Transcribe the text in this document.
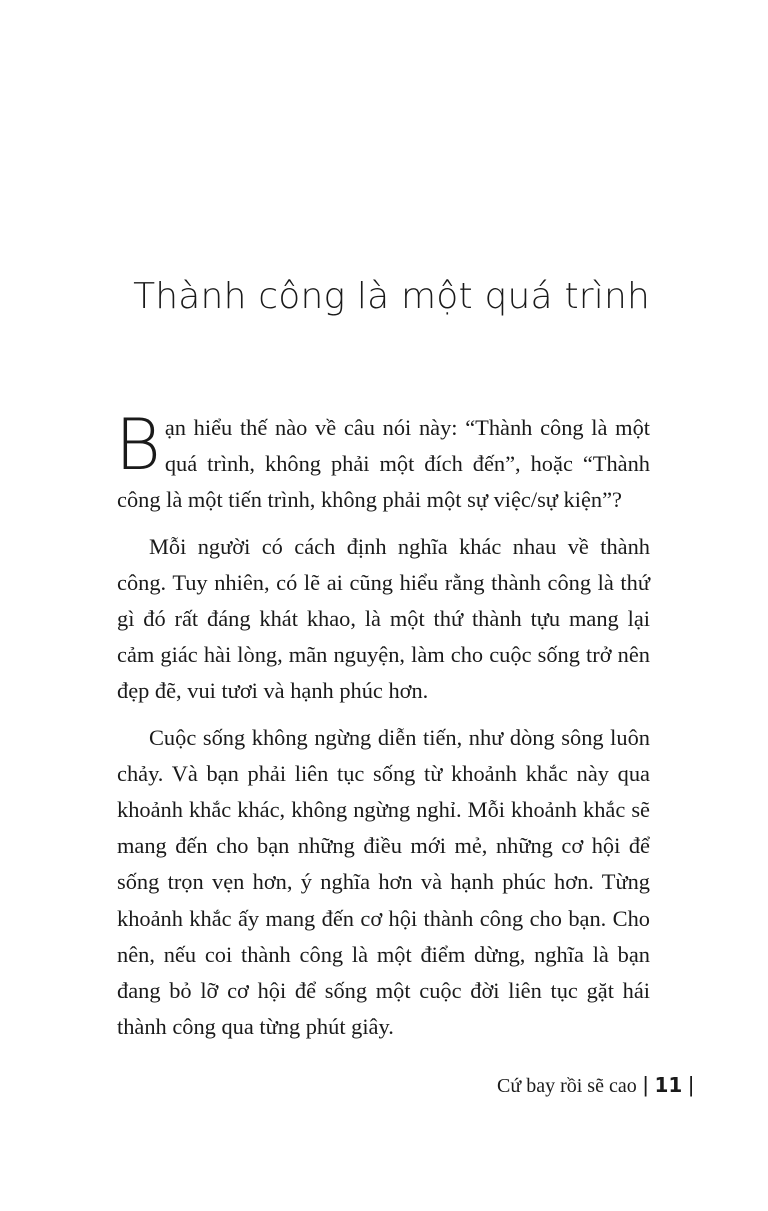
Thành công là một quá trình

Bạn hiểu thế nào về câu nói này: “Thành công là một quá trình, không phải một đích đến”, hoặc “Thành công là một tiến trình, không phải một sự việc/sự kiện”?

Mỗi người có cách định nghĩa khác nhau về thành công. Tuy nhiên, có lẽ ai cũng hiểu rằng thành công là thứ gì đó rất đáng khát khao, là một thứ thành tựu mang lại cảm giác hài lòng, mãn nguyện, làm cho cuộc sống trở nên đẹp đẽ, vui tươi và hạnh phúc hơn.

Cuộc sống không ngừng diễn tiến, như dòng sông luôn chảy. Và bạn phải liên tục sống từ khoảnh khắc này qua khoảnh khắc khác, không ngừng nghỉ. Mỗi khoảnh khắc sẽ mang đến cho bạn những điều mới mẻ, những cơ hội để sống trọn vẹn hơn, ý nghĩa hơn và hạnh phúc hơn. Từng khoảnh khắc ấy mang đến cơ hội thành công cho bạn. Cho nên, nếu coi thành công là một điểm dừng, nghĩa là bạn đang bỏ lỡ cơ hội để sống một cuộc đời liên tục gặt hái thành công qua từng phút giây.

Cứ bay rồi sẽ cao | 11 |
